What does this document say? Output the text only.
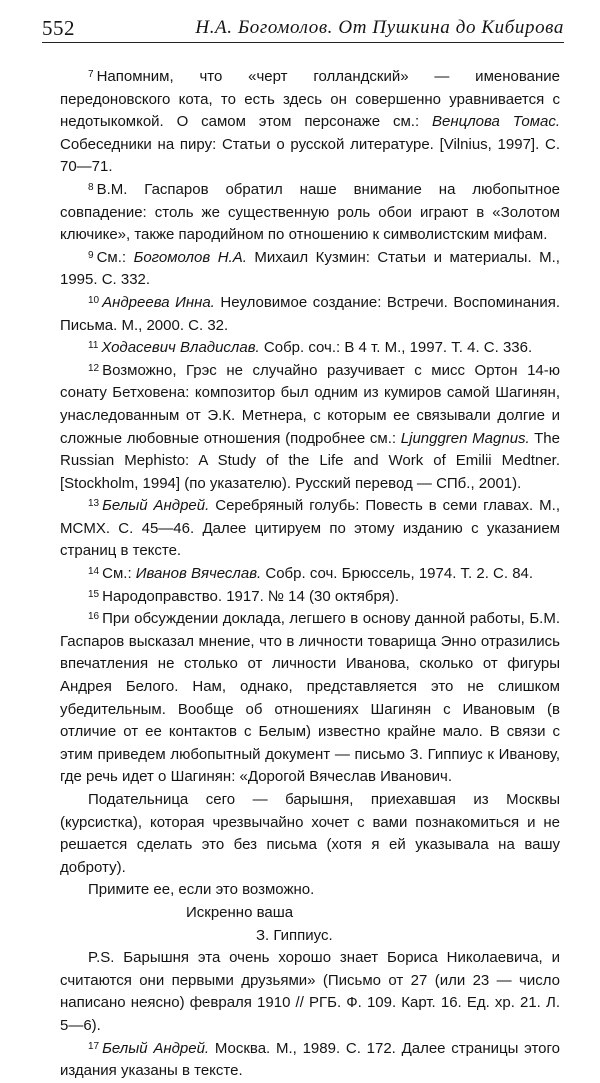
552	Н.А. Богомолов. От Пушкина до Кибирова

$^7$ Напомним, что «черт голландский» — именование передоновского кота, то есть здесь он совершенно уравнивается с недотыкомкой. О самом этом персонаже см.: Венцлова Томас. Собеседники на пиру: Статьи о русской литературе. [Vilnius, 1997]. С. 70—71.

$^8$ В.М. Гаспаров обратил наше внимание на любопытное совпадение: столь же существенную роль обои играют в «Золотом ключике», также пародийном по отношению к символистским мифам.

$^9$ См.: Богомолов Н.А. Михаил Кузмин: Статьи и материалы. М., 1995. С. 332.

$^{10}$ Андреева Инна. Неуловимое создание: Встречи. Воспоминания. Письма. М., 2000. С. 32.

$^{11}$ Ходасевич Владислав. Собр. соч.: В 4 т. М., 1997. Т. 4. С. 336.

$^{12}$ Возможно, Грэс не случайно разучивает с мисс Ортон 14-ю сонату Бетховена: композитор был одним из кумиров самой Шагинян, унаследованным от Э.К. Метнера, с которым ее связывали долгие и сложные любовные отношения (подробнее см.: Ljunggren Magnus. The Russian Mephisto: A Study of the Life and Work of Emilii Medtner. [Stockholm, 1994] (по указателю). Русский перевод — СПб., 2001).

$^{13}$ Белый Андрей. Серебряный голубь: Повесть в семи главах. М., MCMX. С. 45—46. Далее цитируем по этому изданию с указанием страниц в тексте.

$^{14}$ См.: Иванов Вячеслав. Собр. соч. Брюссель, 1974. Т. 2. С. 84.

$^{15}$ Народоправство. 1917. № 14 (30 октября).

$^{16}$ При обсуждении доклада, легшего в основу данной работы, Б.М. Гаспаров высказал мнение, что в личности товарища Энно отразились впечатления не столько от личности Иванова, сколько от фигуры Андрея Белого. Нам, однако, представляется это не слишком убедительным. Вообще об отношениях Шагинян с Ивановым (в отличие от ее контактов с Белым) известно крайне мало. В связи с этим приведем любопытный документ — письмо З. Гиппиус к Иванову, где речь идет о Шагинян: «Дорогой Вячеслав Иванович.

Подательница сего — барышня, приехавшая из Москвы (курсистка), которая чрезвычайно хочет с вами познакомиться и не решается сделать это без письма (хотя я ей указывала на вашу доброту).

Примите ее, если это возможно.

Искренно ваша

З. Гиппиус.

P.S. Барышня эта очень хорошо знает Бориса Николаевича, и считаются они первыми друзьями» (Письмо от 27 (или 23 — число написано неясно) февраля 1910 // РГБ. Ф. 109. Карт. 16. Ед. хр. 21. Л. 5—6).

$^{17}$ Белый Андрей. Москва. М., 1989. С. 172. Далее страницы этого издания указаны в тексте.
